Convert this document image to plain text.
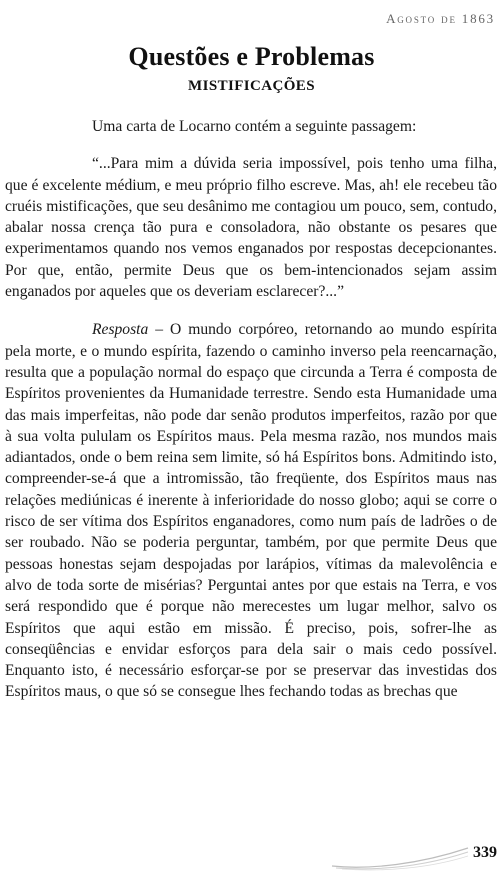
Agosto de 1863
Questões e Problemas
MISTIFICAÇÕES

Uma carta de Locarno contém a seguinte passagem:

“...Para mim a dúvida seria impossível, pois tenho uma filha, que é excelente médium, e meu próprio filho escreve. Mas, ah! ele recebeu tão cruéis mistificações, que seu desânimo me contagiou um pouco, sem, contudo, abalar nossa crença tão pura e consoladora, não obstante os pesares que experimentamos quando nos vemos enganados por respostas decepcionantes. Por que, então, permite Deus que os bem-intencionados sejam assim enganados por aqueles que os deveriam esclarecer?...”

Resposta – O mundo corpóreo, retornando ao mundo espírita pela morte, e o mundo espírita, fazendo o caminho inverso pela reencarnação, resulta que a população normal do espaço que circunda a Terra é composta de Espíritos provenientes da Humanidade terrestre. Sendo esta Humanidade uma das mais imperfeitas, não pode dar senão produtos imperfeitos, razão por que à sua volta pululam os Espíritos maus. Pela mesma razão, nos mundos mais adiantados, onde o bem reina sem limite, só há Espíritos bons. Admitindo isto, compreender-se-á que a intromissão, tão freqüente, dos Espíritos maus nas relações mediúnicas é inerente à inferioridade do nosso globo; aqui se corre o risco de ser vítima dos Espíritos enganadores, como num país de ladrões o de ser roubado. Não se poderia perguntar, também, por que permite Deus que pessoas honestas sejam despojadas por larápios, vítimas da malevolência e alvo de toda sorte de misérias? Perguntai antes por que estais na Terra, e vos será respondido que é porque não merecestes um lugar melhor, salvo os Espíritos que aqui estão em missão. É preciso, pois, sofrer-lhe as conseqüências e envidar esforços para dela sair o mais cedo possível. Enquanto isto, é necessário esforçar-se por se preservar das investidas dos Espíritos maus, o que só se consegue lhes fechando todas as brechas que

339
